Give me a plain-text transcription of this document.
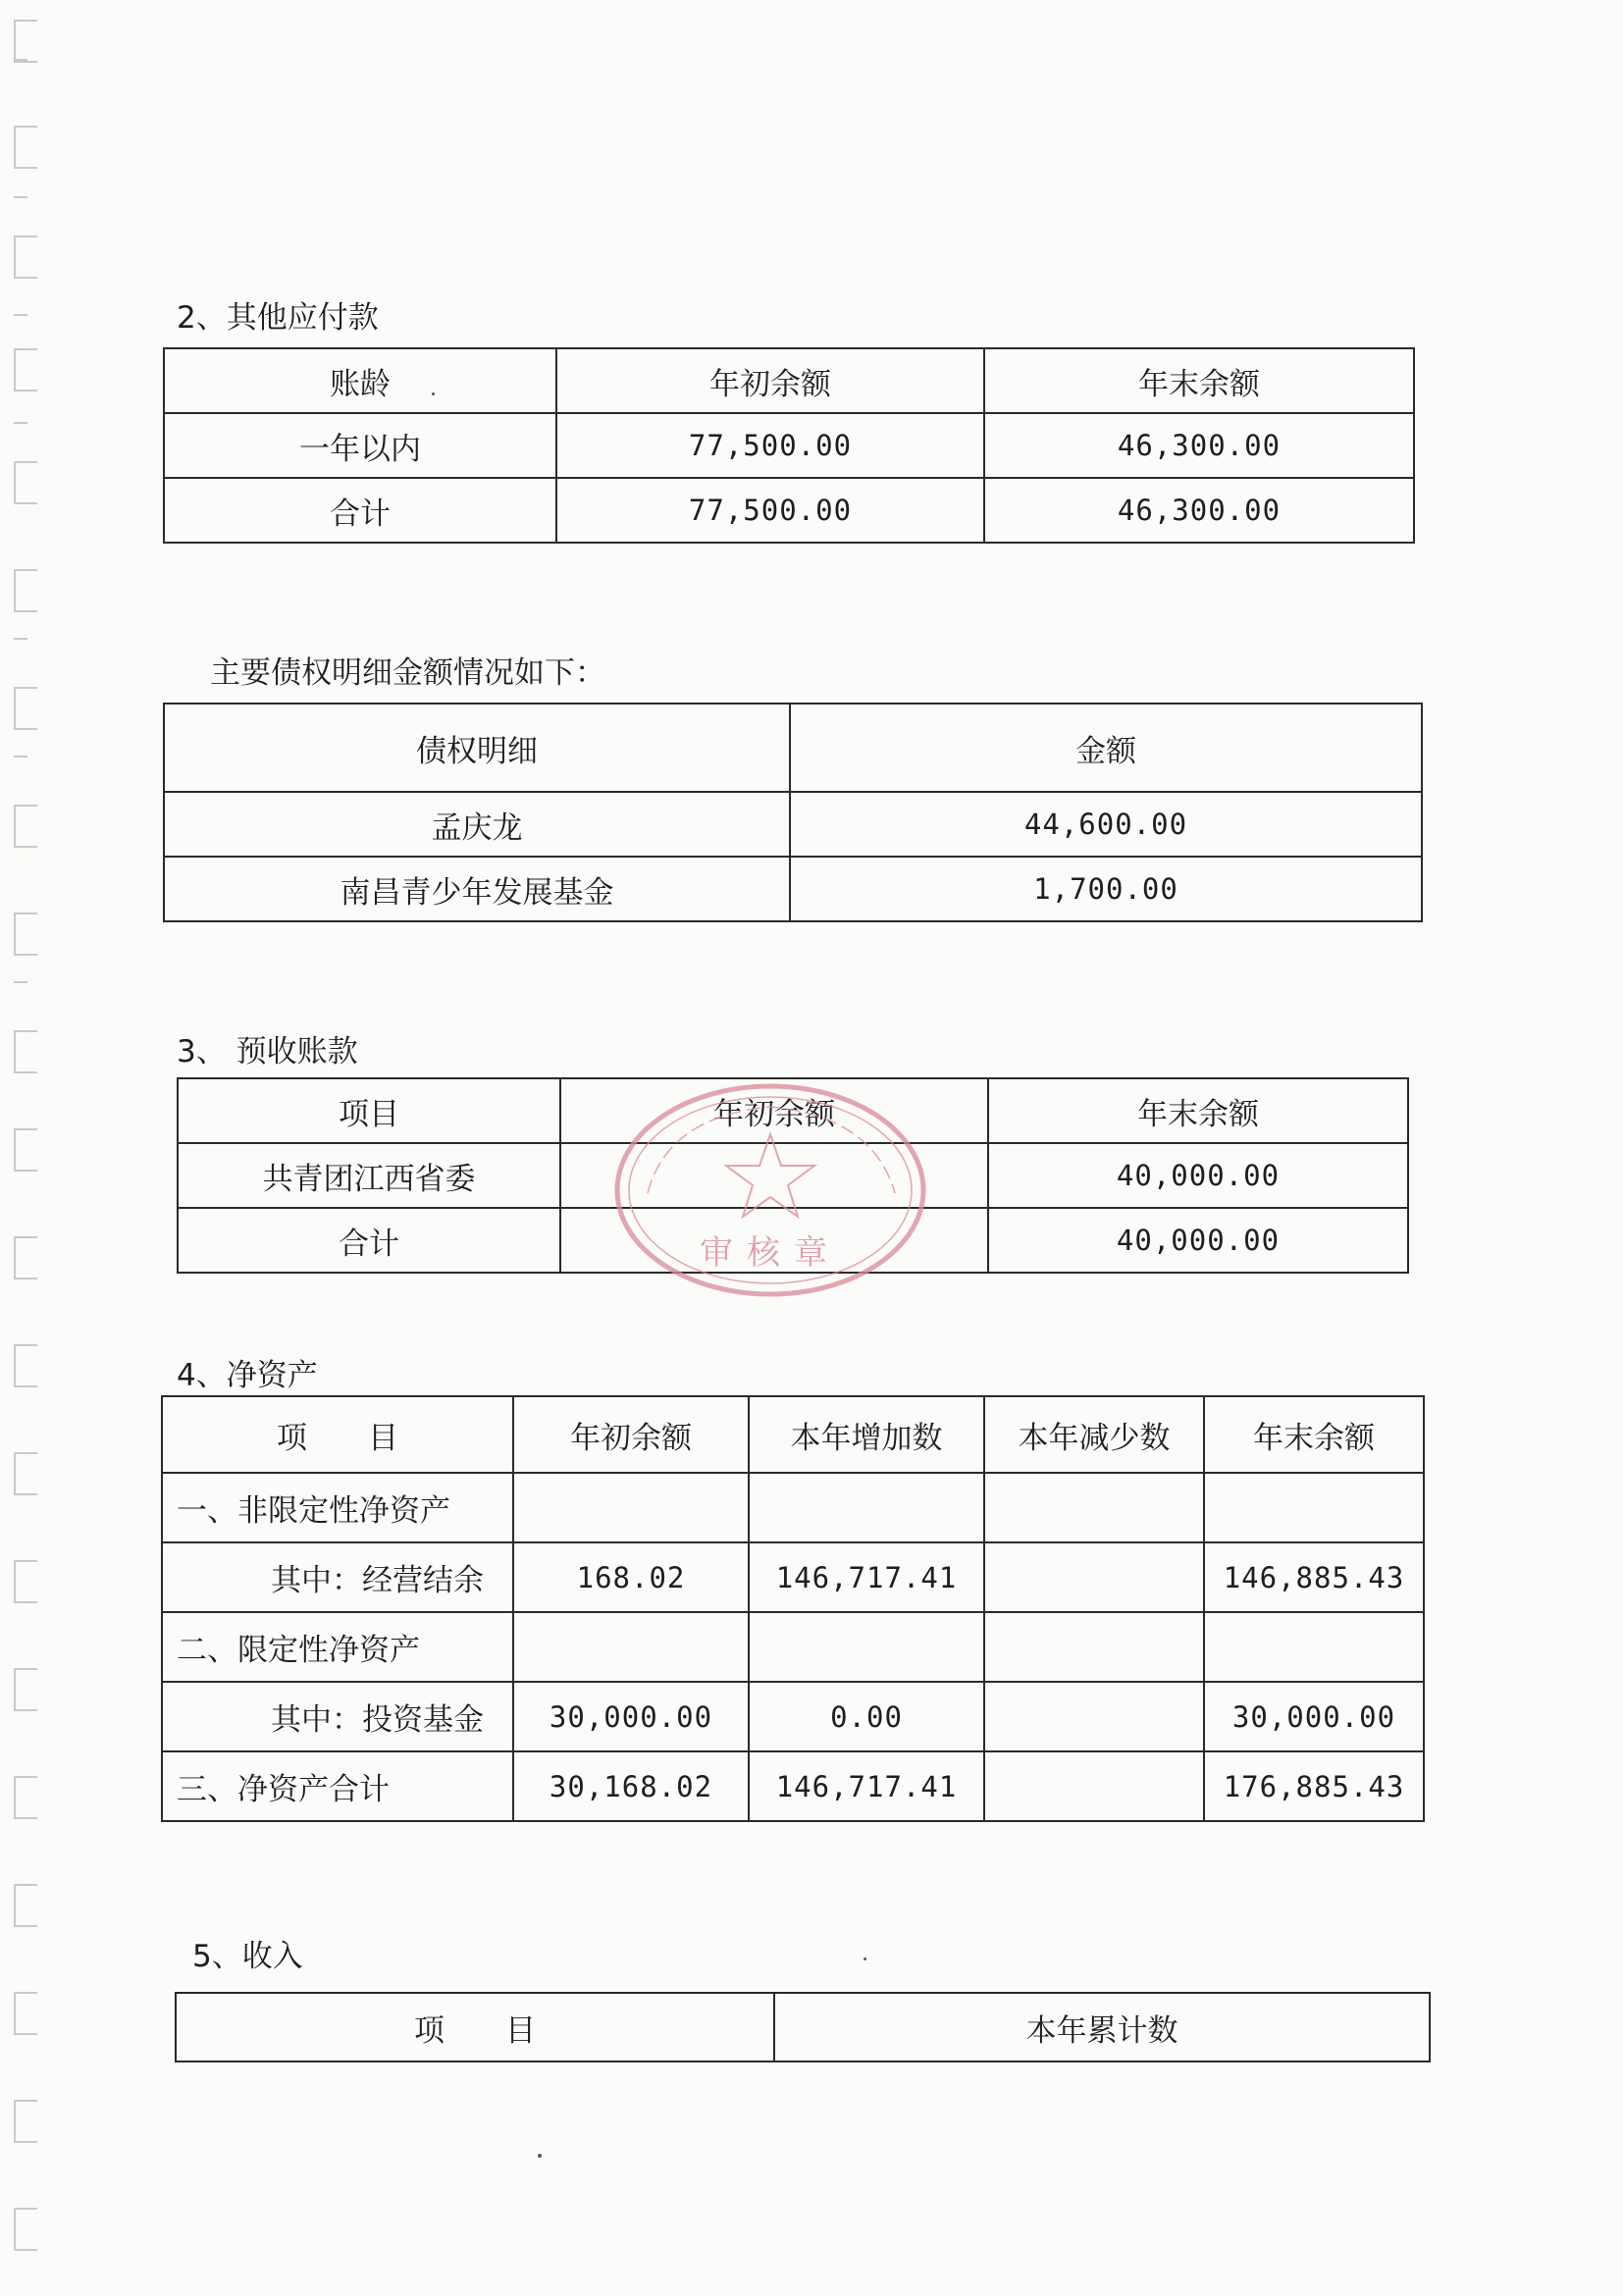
2、其他应付款
账龄	年初余额	年末余额
一年以内	77,500.00	46,300.00
合计	77,500.00	46,300.00
主要债权明细金额情况如下：
债权明细	金额
孟庆龙	44,600.00
南昌青少年发展基金	1,700.00
3、 预收账款
项目	年初余额	年末余额
共青团江西省委		40,000.00
合计		40,000.00
审核章
4、净资产
项　　目	年初余额	本年增加数	本年减少数	年末余额
一、非限定性净资产				
其中：经营结余	168.02	146,717.41		146,885.43
二、限定性净资产				
其中：投资基金	30,000.00	0.00		30,000.00
三、净资产合计	30,168.02	146,717.41		176,885.43
5、收入
项　　目	本年累计数
